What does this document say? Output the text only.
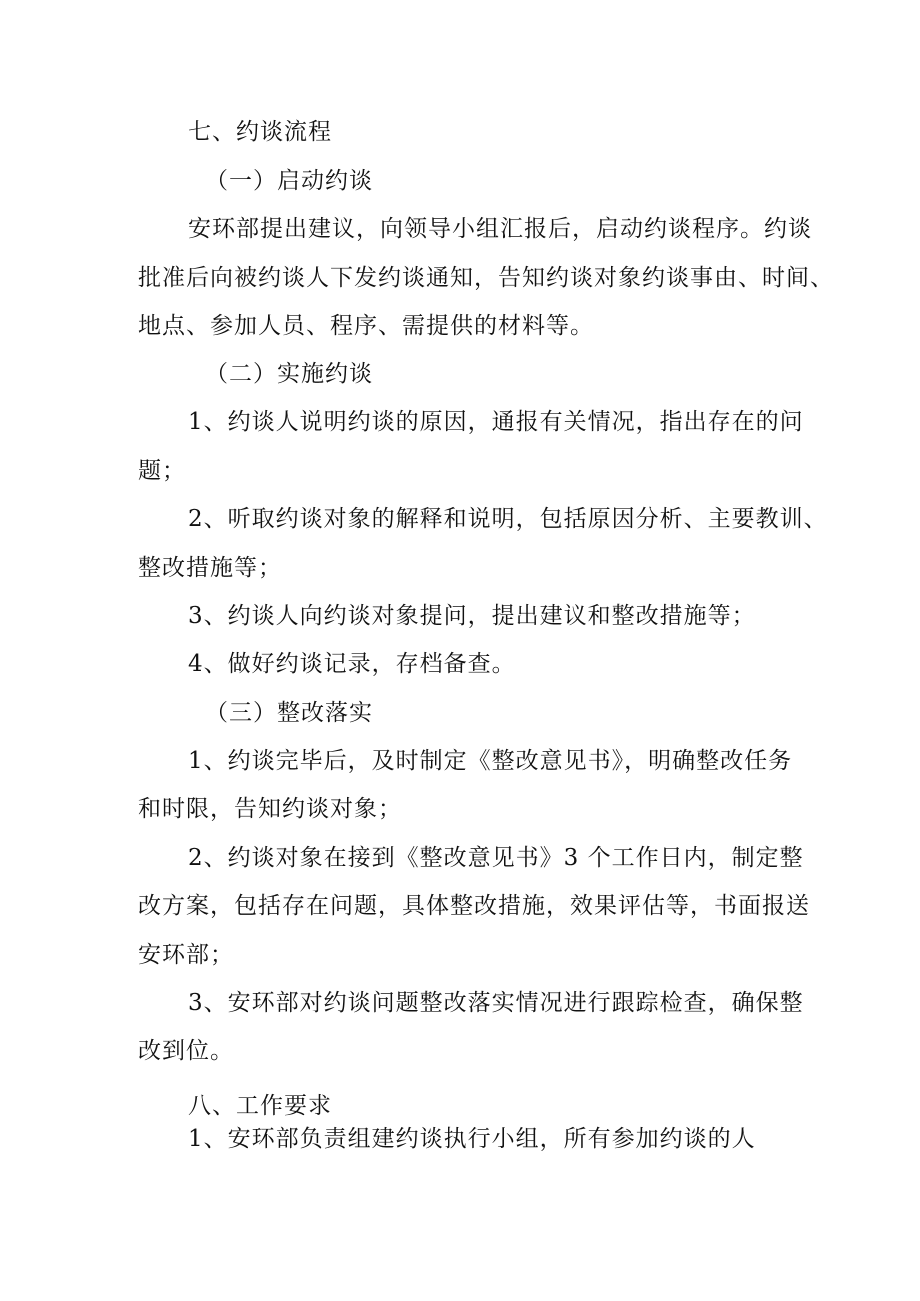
七、约谈流程
（一）启动约谈
安环部提出建议，向领导小组汇报后，启动约谈程序。约谈
批准后向被约谈人下发约谈通知，告知约谈对象约谈事由、时间、
地点、参加人员、程序、需提供的材料等。
（二）实施约谈
1、约谈人说明约谈的原因，通报有关情况，指出存在的问
题；
2、听取约谈对象的解释和说明，包括原因分析、主要教训、
整改措施等；
3、约谈人向约谈对象提问，提出建议和整改措施等；
4、做好约谈记录，存档备查。
（三）整改落实
1、约谈完毕后，及时制定《整改意见书》，明确整改任务
和时限，告知约谈对象；
2、约谈对象在接到《整改意见书》3 个工作日内，制定整
改方案，包括存在问题，具体整改措施，效果评估等，书面报送
安环部；
3、安环部对约谈问题整改落实情况进行跟踪检查，确保整
改到位。
八、工作要求
1、安环部负责组建约谈执行小组，所有参加约谈的人
